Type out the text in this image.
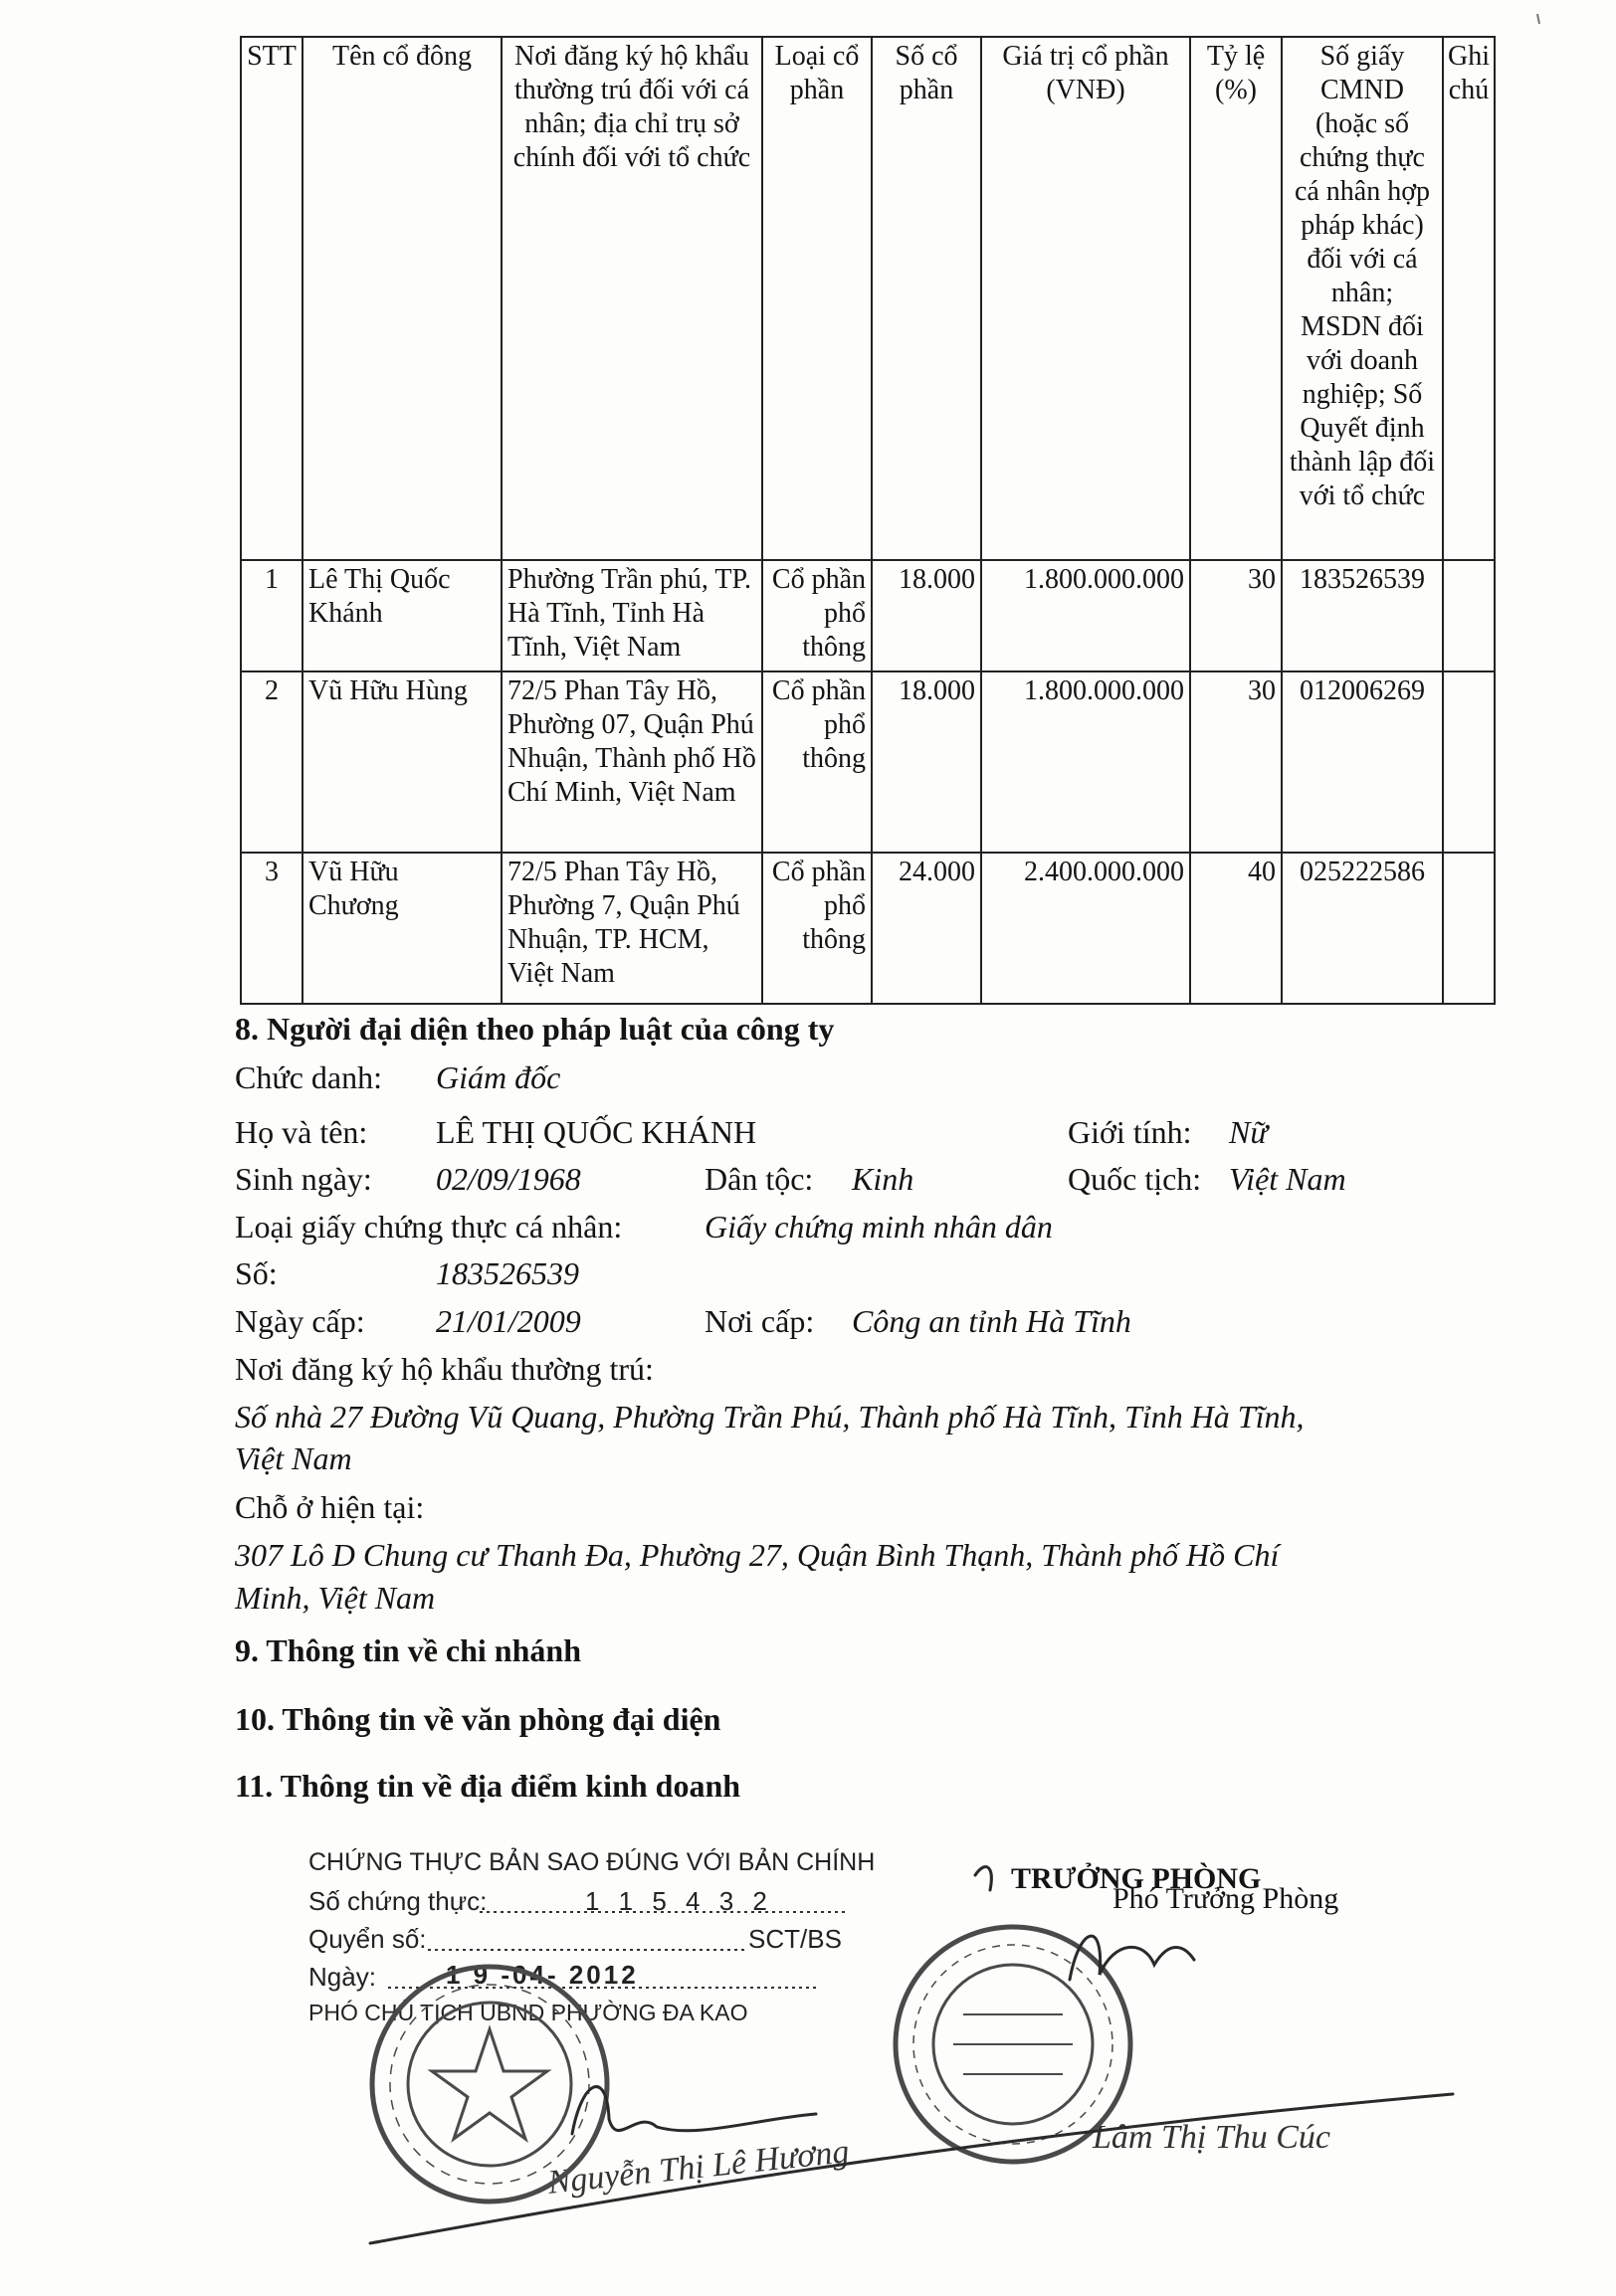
STT	Tên cổ đông	Nơi đăng ký hộ khẩu thường trú đối với cá nhân; địa chỉ trụ sở chính đối với tổ chức	Loại cổ phần	Số cổ phần	Giá trị cổ phần (VNĐ)	Tỷ lệ (%)	Số giấy CMND (hoặc số chứng thực cá nhân hợp pháp khác) đối với cá nhân; MSDN đối với doanh nghiệp; Số Quyết định thành lập đối với tổ chức	Ghi chú
1	Lê Thị Quốc Khánh	Phường Trần phú, TP. Hà Tĩnh, Tỉnh Hà Tĩnh, Việt Nam	Cổ phần phổ thông	18.000	1.800.000.000	30	183526539	
2	Vũ Hữu Hùng	72/5 Phan Tây Hồ, Phường 07, Quận Phú Nhuận, Thành phố Hồ Chí Minh, Việt Nam	Cổ phần phổ thông	18.000	1.800.000.000	30	012006269	
3	Vũ Hữu Chương	72/5 Phan Tây Hồ, Phường 7, Quận Phú Nhuận, TP. HCM, Việt Nam	Cổ phần phổ thông	24.000	2.400.000.000	40	025222586	
8. Người đại diện theo pháp luật của công ty
Chức danh: Giám đốc
Họ và tên: LÊ THỊ QUỐC KHÁNH	Giới tính: Nữ
Sinh ngày: 02/09/1968	Dân tộc: Kinh	Quốc tịch: Việt Nam
Loại giấy chứng thực cá nhân:	Giấy chứng minh nhân dân
Số:	183526539
Ngày cấp: 21/01/2009	Nơi cấp: Công an tỉnh Hà Tĩnh
Nơi đăng ký hộ khẩu thường trú:
Số nhà 27 Đường Vũ Quang, Phường Trần Phú, Thành phố Hà Tĩnh, Tỉnh Hà Tĩnh,
Việt Nam
Chỗ ở hiện tại:
307 Lô D Chung cư Thanh Đa, Phường 27, Quận Bình Thạnh, Thành phố Hồ Chí
Minh, Việt Nam
9. Thông tin về chi nhánh
10. Thông tin về văn phòng đại diện
11. Thông tin về địa điểm kinh doanh
CHỨNG THỰC BẢN SAO ĐÚNG VỚI BẢN CHÍNH
Số chứng thực:	1 1 5 4 3 2
Quyển số:	SCT/BS
Ngày:	1 9 -04- 2012
PHÓ CHỦ TỊCH UBND PHƯỜNG ĐA KAO
Nguyễn Thị Lê Hương
TRƯỞNG PHÒNG
Phó Trưởng Phòng
Lâm Thị Thu Cúc
